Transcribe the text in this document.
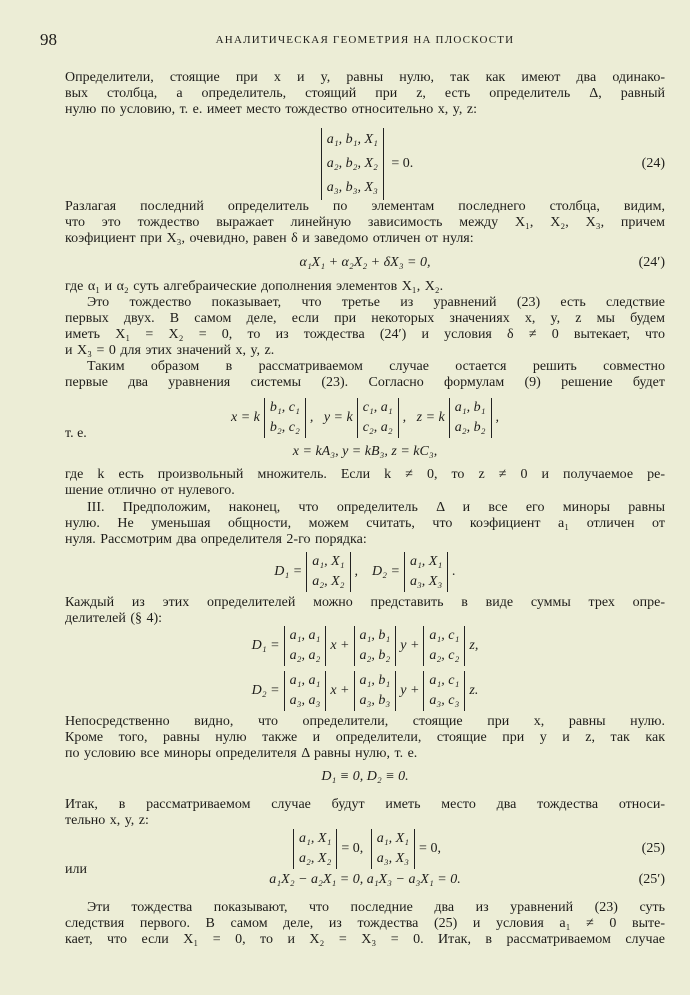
98	АНАЛИТИЧЕСКАЯ ГЕОМЕТРИЯ НА ПЛОСКОСТИ
Определители, стоящие при x и y, равны нулю, так как имеют два одинако-
вых столбца, а определитель, стоящий при z, есть определитель Δ, равный
нулю по условию, т. е. имеет место тождество относительно x, y, z:
a₁, b₁, X₁
a₂, b₂, X₂
a₃, b₃, X₃
= 0.	(24)
Разлагая последний определитель по элементам последнего столбца, видим,
что это тождество выражает линейную зависимость между X₁, X₂, X₃, причем
коэфициент при X₃, очевидно, равен δ и заведомо отличен от нуля:
α₁X₁ + α₂X₂ + δX₃ = 0,	(24′)
где α₁ и α₂ суть алгебраические дополнения элементов X₁, X₂.
Это тождество показывает, что третье из уравнений (23) есть следствие
первых двух. В самом деле, если при некоторых значениях x, y, z мы будем
иметь X₁ = X₂ = 0, то из тождества (24′) и условия δ ≠ 0 вытекает, что
и X₃ = 0 для этих значений x, y, z.
Таким образом в рассматриваемом случае остается решить совместно
первые два уравнения системы (23). Согласно формулам (9) решение будет
x = k
b₁, c₁
b₂, c₂
, y = k
c₁, a₁
c₂, a₂
, z = k
a₁, b₁
a₂, b₂
,
т. е.
x = kA₃, y = kB₃, z = kC₃,
где k есть произвольный множитель. Если k ≠ 0, то z ≠ 0 и получаемое ре-
шение отлично от нулевого.
III. Предположим, наконец, что определитель Δ и все его миноры равны
нулю. Не уменьшая общности, можем считать, что коэфициент a₁ отличен от
нуля. Рассмотрим два определителя 2-го порядка:
D₁ =
a₁, X₁
a₂, X₂
, D₂ =
a₁, X₁
a₃, X₃
.
Каждый из этих определителей можно представить в виде суммы трех опре-
делителей (§ 4):
D₁ =
a₁, a₁
a₂, a₂
x +
a₁, b₁
a₂, b₂
y +
a₁, c₁
a₂, c₂
z,
D₂ =
a₁, a₁
a₃, a₃
x +
a₁, b₁
a₃, b₃
y +
a₁, c₁
a₃, c₃
z.
Непосредственно видно, что определители, стоящие при x, равны нулю.
Кроме того, равны нулю также и определители, стоящие при y и z, так как
по условию все миноры определителя Δ равны нулю, т. е.
D₁ ≡ 0, D₂ ≡ 0.
Итак, в рассматриваемом случае будут иметь место два тождества относи-
тельно x, y, z:
a₁, X₁
a₂, X₂
= 0,
a₁, X₁
a₃, X₃
= 0,	(25)
или
a₁X₂ − a₂X₁ = 0, a₁X₃ − a₃X₁ = 0.	(25′)
Эти тождества показывают, что последние два из уравнений (23) суть
следствия первого. В самом деле, из тождества (25) и условия a₁ ≠ 0 выте-
кает, что если X₁ = 0, то и X₂ = X₃ = 0. Итак, в рассматриваемом случае
